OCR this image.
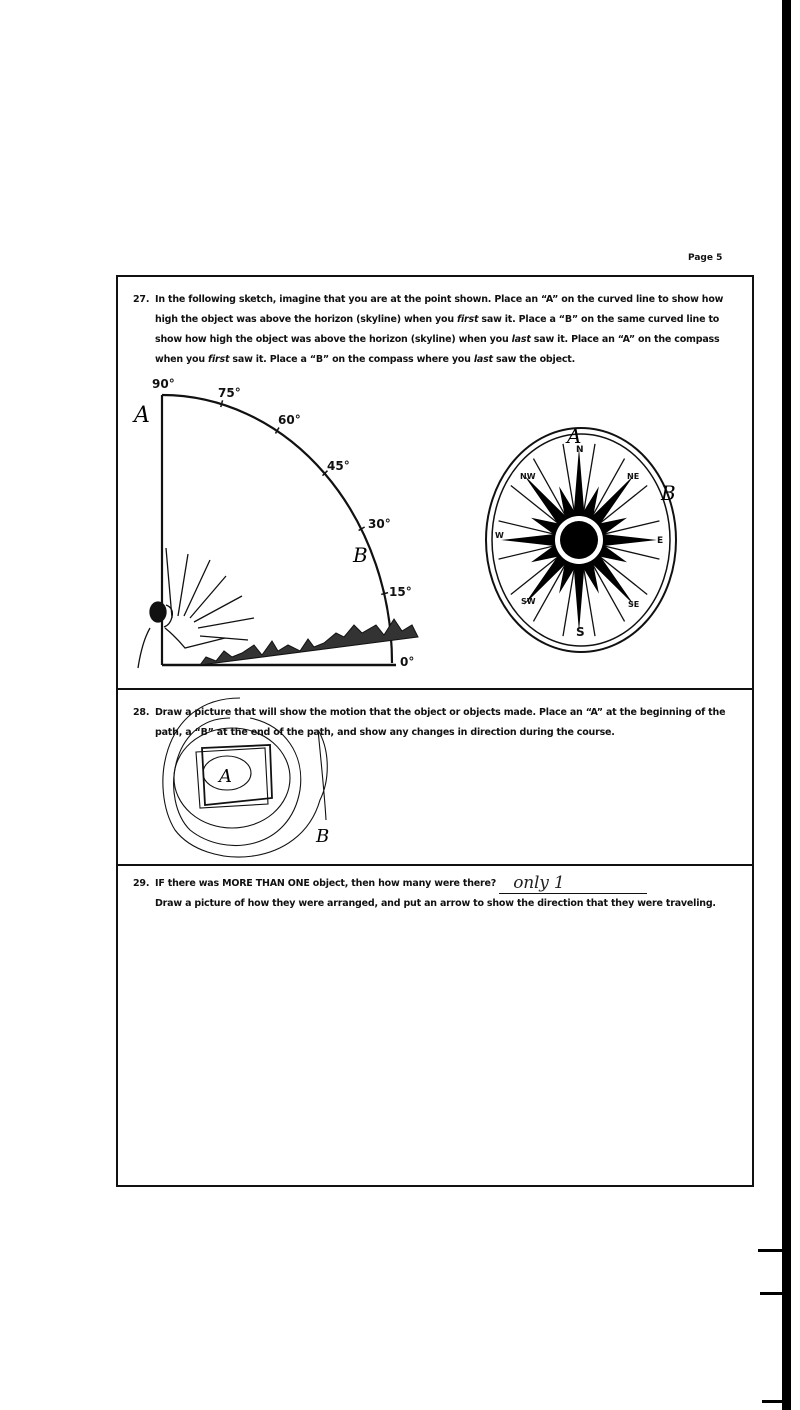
Page 5
27. In the following sketch, imagine that you are at the point shown. Place an “A” on the curved line to show how
high the object was above the horizon (skyline) when you first saw it. Place a “B” on the same curved line to
show how high the object was above the horizon (skyline) when you last saw it. Place an “A” on the compass
when you first saw it. Place a “B” on the compass where you last saw the object.
90°
75°
60°
45°
30°
15°
0°
A
B
N
NE
E
SE
S
SW
W
NW
A
B
28. Draw a picture that will show the motion that the object or objects made. Place an “A” at the beginning of the
path, a “B” at the end of the path, and show any changes in direction during the course.
A
B
29. IF there was MORE THAN ONE object, then how many were there? only 1
Draw a picture of how they were arranged, and put an arrow to show the direction that they were traveling.
